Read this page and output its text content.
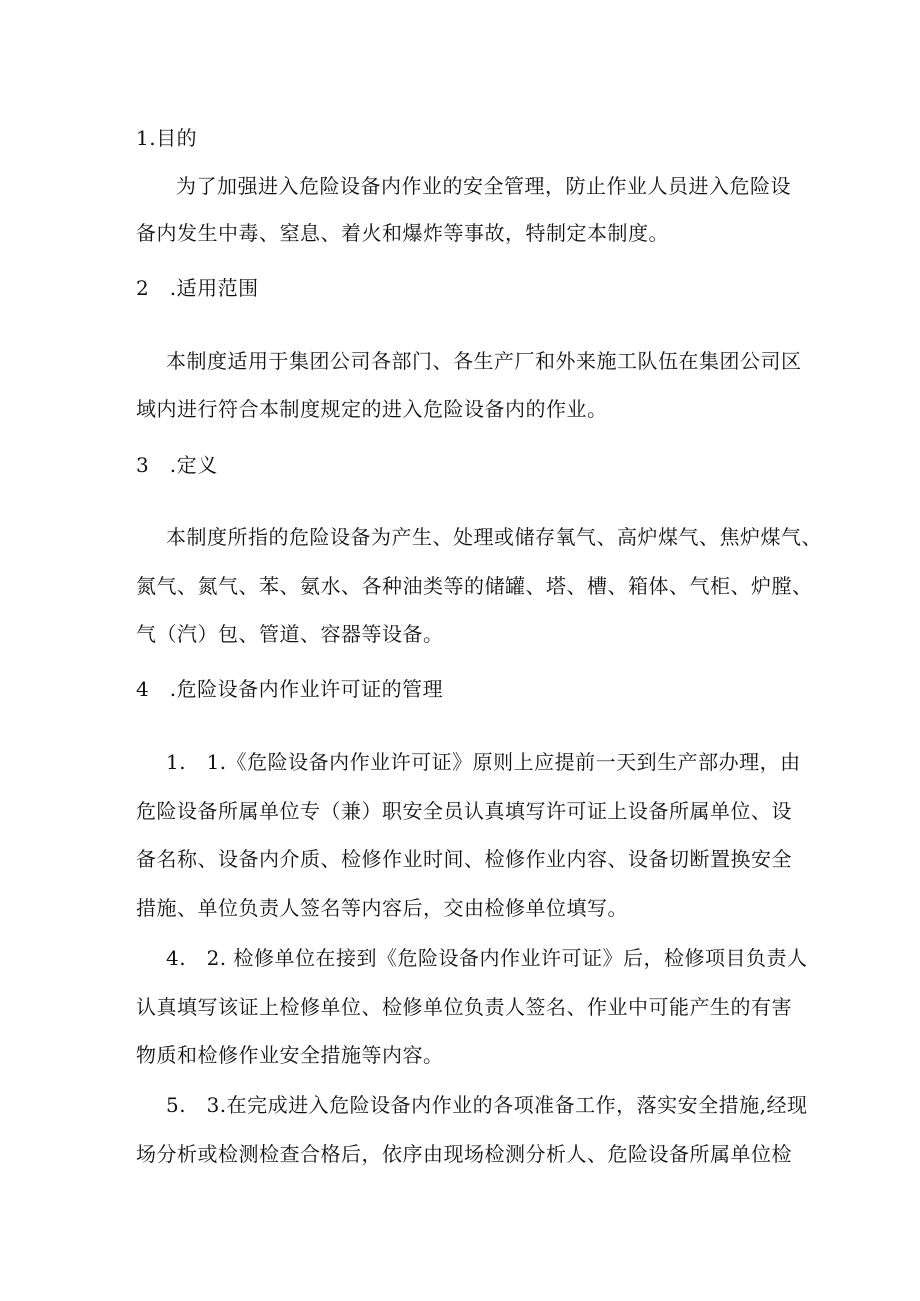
1.目的
为了加强进入危险设备内作业的安全管理，防止作业人员进入危险设
备内发生中毒、窒息、着火和爆炸等事故，特制定本制度。
2　.适用范围
本制度适用于集团公司各部门、各生产厂和外来施工队伍在集团公司区
域内进行符合本制度规定的进入危险设备内的作业。
3　.定义
本制度所指的危险设备为产生、处理或储存氧气、高炉煤气、焦炉煤气、
氮气、氮气、苯、氨水、各种油类等的储罐、塔、槽、箱体、气柜、炉膛、
气（汽）包、管道、容器等设备。
4　.危险设备内作业许可证的管理
1.　1.《危险设备内作业许可证》原则上应提前一天到生产部办理，由
危险设备所属单位专（兼）职安全员认真填写许可证上设备所属单位、设
备名称、设备内介质、检修作业时间、检修作业内容、设备切断置换安全
措施、单位负责人签名等内容后，交由检修单位填写。
4.　2. 检修单位在接到《危险设备内作业许可证》后，检修项目负责人
认真填写该证上检修单位、检修单位负责人签名、作业中可能产生的有害
物质和检修作业安全措施等内容。
5.　3.在完成进入危险设备内作业的各项准备工作，落实安全措施,经现
场分析或检测检查合格后，依序由现场检测分析人、危险设备所属单位检
